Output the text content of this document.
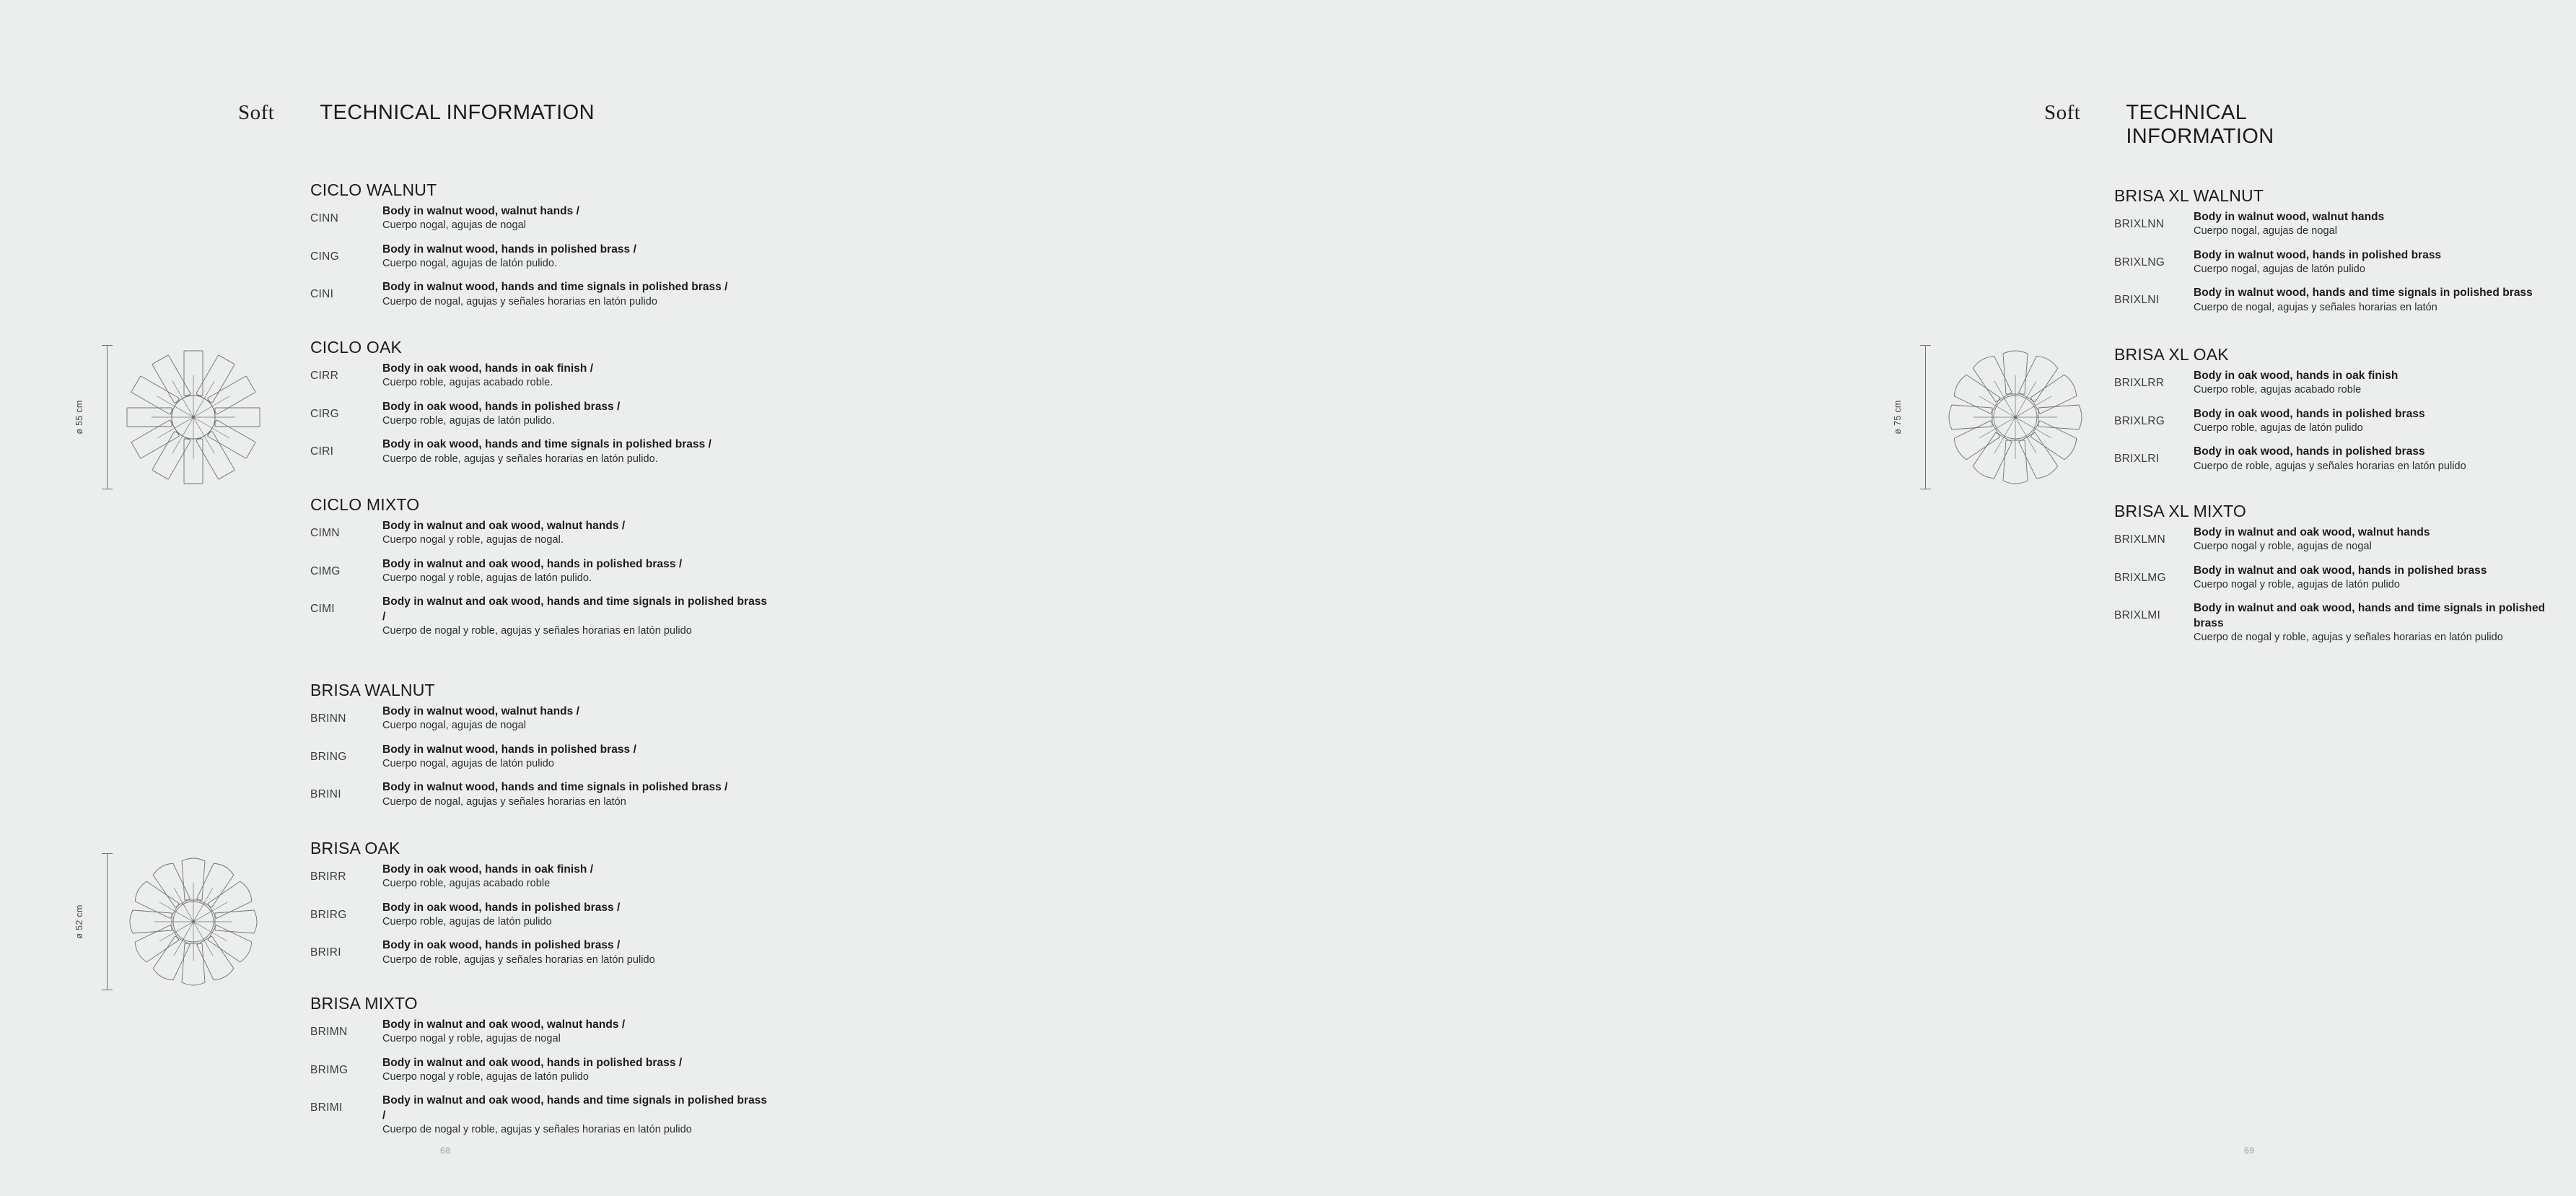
Soft TECHNICAL INFORMATION
ø 55 cm
ø 52 cm
CICLO WALNUT
CINN
Body in walnut wood, walnut hands /
Cuerpo nogal, agujas de nogal
CING
Body in walnut wood, hands in polished brass /
Cuerpo nogal, agujas de latón pulido.
CINI
Body in walnut wood, hands and time signals in polished brass /
Cuerpo de nogal, agujas y señales horarias en latón pulido
CICLO OAK
CIRR
Body in oak wood, hands in oak finish /
Cuerpo roble, agujas acabado roble.
CIRG
Body in oak wood, hands in polished brass /
Cuerpo roble, agujas de latón pulido.
CIRI
Body in oak wood, hands and time signals in polished brass /
Cuerpo de roble, agujas y señales horarias en latón pulido.
CICLO MIXTO
CIMN
Body in walnut and oak wood, walnut hands /
Cuerpo nogal y roble, agujas de nogal.
CIMG
Body in walnut and oak wood, hands in polished brass /
Cuerpo nogal y roble, agujas de latón pulido.
CIMI
Body in walnut and oak wood, hands and time signals in polished brass /
Cuerpo de nogal y roble, agujas y señales horarias en latón pulido
BRISA WALNUT
BRINN
Body in walnut wood, walnut hands /
Cuerpo nogal, agujas de nogal
BRING
Body in walnut wood, hands in polished brass /
Cuerpo nogal, agujas de latón pulido
BRINI
Body in walnut wood, hands and time signals in polished brass /
Cuerpo de nogal, agujas y señales horarias en latón
BRISA OAK
BRIRR
Body in oak wood, hands in oak finish /
Cuerpo roble, agujas acabado roble
BRIRG
Body in oak wood, hands in polished brass /
Cuerpo roble, agujas de latón pulido
BRIRI
Body in oak wood, hands in polished brass /
Cuerpo de roble, agujas y señales horarias en latón pulido
BRISA MIXTO
BRIMN
Body in walnut and oak wood, walnut hands /
Cuerpo nogal y roble, agujas de nogal
BRIMG
Body in walnut and oak wood, hands in polished brass /
Cuerpo nogal y roble, agujas de latón pulido
BRIMI
Body in walnut and oak wood, hands and time signals in polished brass /
Cuerpo de nogal y roble, agujas y señales horarias en latón pulido
68
Soft TECHNICAL INFORMATION
ø 75 cm
BRISA XL WALNUT
BRIXLNN
Body in walnut wood, walnut hands
Cuerpo nogal, agujas de nogal
BRIXLNG
Body in walnut wood, hands in polished brass
Cuerpo nogal, agujas de latón pulido
BRIXLNI
Body in walnut wood, hands and time signals in polished brass
Cuerpo de nogal, agujas y señales horarias en latón
BRISA XL OAK
BRIXLRR
Body in oak wood, hands in oak finish
Cuerpo roble, agujas acabado roble
BRIXLRG
Body in oak wood, hands in polished brass
Cuerpo roble, agujas de latón pulido
BRIXLRI
Body in oak wood, hands in polished brass
Cuerpo de roble, agujas y señales horarias en latón pulido
BRISA XL MIXTO
BRIXLMN
Body in walnut and oak wood, walnut hands
Cuerpo nogal y roble, agujas de nogal
BRIXLMG
Body in walnut and oak wood, hands in polished brass
Cuerpo nogal y roble, agujas de latón pulido
BRIXLMI
Body in walnut and oak wood, hands and time signals in polished brass
Cuerpo de nogal y roble, agujas y señales horarias en latón pulido
69
